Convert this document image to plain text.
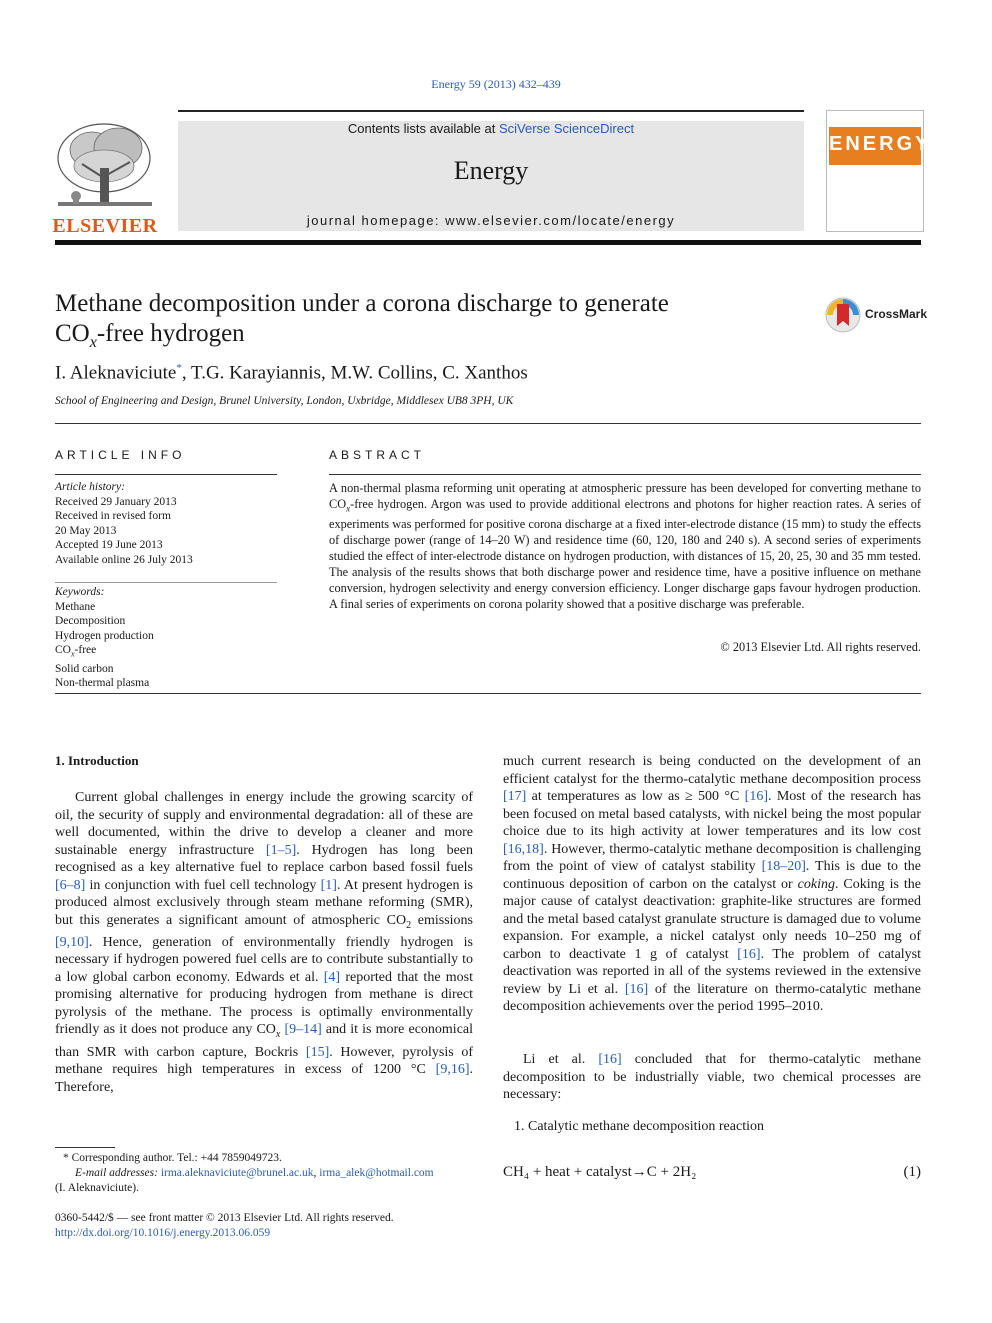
Energy 59 (2013) 432–439
ELSEVIER
Contents lists available at SciVerse ScienceDirect
Energy
journal homepage: www.elsevier.com/locate/energy
ENERGY
Methane decomposition under a corona discharge to generate
$CO_x$-free hydrogen
CrossMark
I. Aleknaviciute*, T.G. Karayiannis, M.W. Collins, C. Xanthos
School of Engineering and Design, Brunel University, London, Uxbridge, Middlesex UB8 3PH, UK
ARTICLE INFO
Article history:
Received 29 January 2013
Received in revised form
20 May 2013
Accepted 19 June 2013
Available online 26 July 2013
Keywords:
Methane
Decomposition
Hydrogen production
$CO_x$-free
Solid carbon
Non-thermal plasma
ABSTRACT
A non-thermal plasma reforming unit operating at atmospheric pressure has been developed for converting methane to $CO_x$-free hydrogen. Argon was used to provide additional electrons and photons for higher reaction rates. A series of experiments was performed for positive corona discharge at a fixed inter-electrode distance (15 mm) to study the effects of discharge power (range of 14–20 W) and residence time (60, 120, 180 and 240 s). A second series of experiments studied the effect of inter-electrode distance on hydrogen production, with distances of 15, 20, 25, 30 and 35 mm tested. The analysis of the results shows that both discharge power and residence time, have a positive influence on methane conversion, hydrogen selectivity and energy conversion efficiency. Longer discharge gaps favour hydrogen production. A final series of experiments on corona polarity showed that a positive discharge was preferable.
© 2013 Elsevier Ltd. All rights reserved.
1. Introduction

Current global challenges in energy include the growing scarcity of oil, the security of supply and environmental degradation: all of these are well documented, within the drive to develop a cleaner and more sustainable energy infrastructure [1–5]. Hydrogen has long been recognised as a key alternative fuel to replace carbon based fossil fuels [6–8] in conjunction with fuel cell technology [1]. At present hydrogen is produced almost exclusively through steam methane reforming (SMR), but this generates a significant amount of atmospheric $CO_2$ emissions [9,10]. Hence, generation of environmentally friendly hydrogen is necessary if hydrogen powered fuel cells are to contribute substantially to a low global carbon economy. Edwards et al. [4] reported that the most promising alternative for producing hydrogen from methane is direct pyrolysis of the methane. The process is optimally environmentally friendly as it does not produce any $CO_x$ [9–14] and it is more economical than SMR with carbon capture, Bockris [15]. However, pyrolysis of methane requires high temperatures in excess of 1200 °C [9,16]. Therefore,

much current research is being conducted on the development of an efficient catalyst for the thermo-catalytic methane decomposition process [17] at temperatures as low as ≥ 500 °C [16]. Most of the research has been focused on metal based catalysts, with nickel being the most popular choice due to its high activity at lower temperatures and its low cost [16,18]. However, thermo-catalytic methane decomposition is challenging from the point of view of catalyst stability [18–20]. This is due to the continuous deposition of carbon on the catalyst or coking. Coking is the major cause of catalyst deactivation: graphite-like structures are formed and the metal based catalyst granulate structure is damaged due to volume expansion. For example, a nickel catalyst only needs 10–250 mg of carbon to deactivate 1 g of catalyst [16]. The problem of catalyst deactivation was reported in all of the systems reviewed in the extensive review by Li et al. [16] of the literature on thermo-catalytic methane decomposition achievements over the period 1995–2010.

Li et al. [16] concluded that for thermo-catalytic methane decomposition to be industrially viable, two chemical processes are necessary:

1. Catalytic methane decomposition reaction
CH₄ + heat + catalyst→C + 2H₂	(1)
* Corresponding author. Tel.: +44 7859049723.
E-mail addresses: irma.aleknaviciute@brunel.ac.uk, irma_alek@hotmail.com
(I. Aleknaviciute).
0360-5442/$ — see front matter © 2013 Elsevier Ltd. All rights reserved.
http://dx.doi.org/10.1016/j.energy.2013.06.059
